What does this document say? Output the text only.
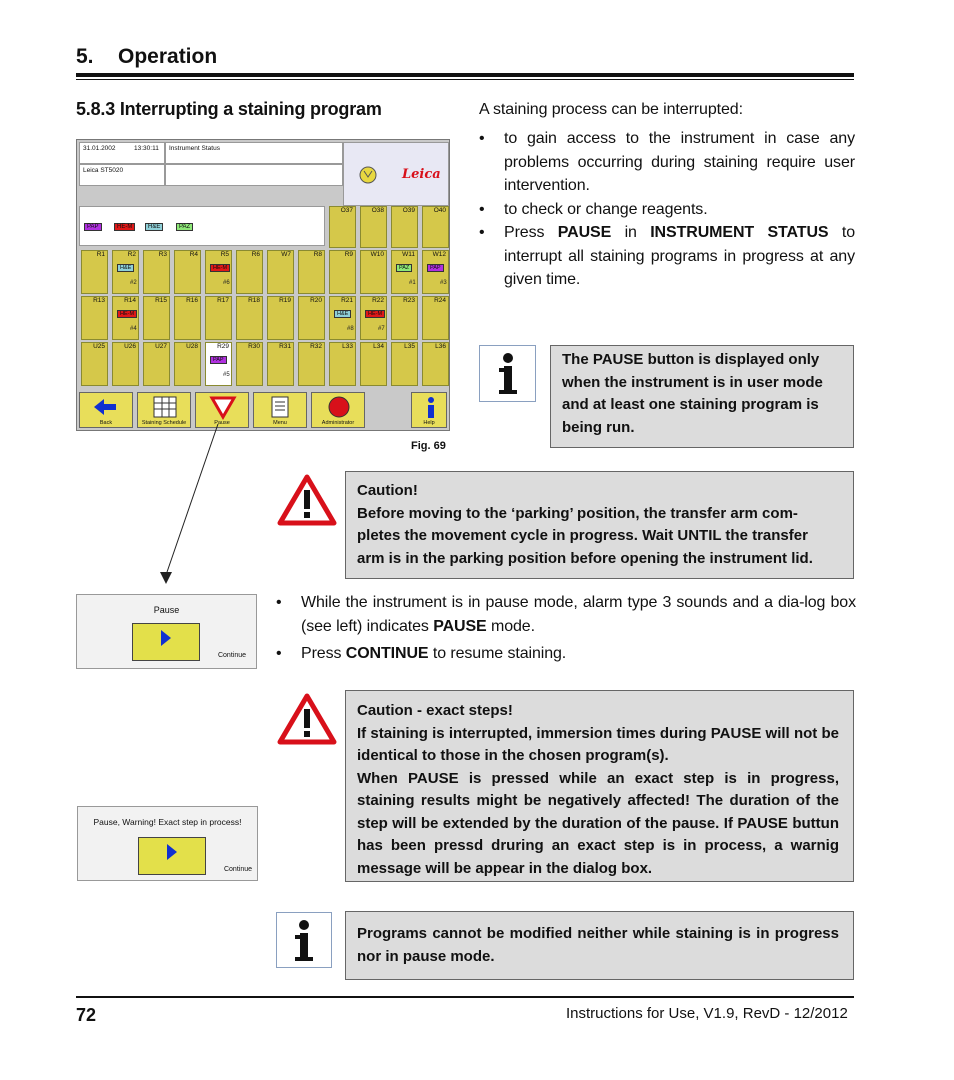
5. Operation
5.8.3 Interrupting a staining program	A staining process can be interrupted:
• to gain access to the instrument in case any problems occurring during staining require user intervention.
• to check or change reagents.
• Press PAUSE in INSTRUMENT STATUS to interrupt all staining programs in progress at any given time.
31.01.2002	13:30:11	Instrument Status
Leica ST5020	Leica
PAP	HE-M	H&E	PAZ
O37	O38	O39	O40
R1	R2	R3	R4	R5	R6	W7	R8	R9	W10	W11	W12
R13	R14	R15	R16	R17	R18	R19	R20	R21	R22	R23	R24
U25	U26	U27	U28	R29	R30	R31	R32	L33	L34	L35	L36
H&E
#2
HE-M
#6
PAZ
#1
PAP
#3
HE-M
#4
H&E
#8
HE-M
#7
PAP
#5
Back	Staining Schedule	Pause	Menu	Administrator	Help
Fig. 69
The PAUSE button is displayed only when the instrument is in user mode and at least one staining program is being run.
Caution!
Before moving to the ‘parking’ position, the transfer arm com-pletes the movement cycle in progress. Wait UNTIL the transfer arm is in the parking position before opening the instrument lid.
Pause
Continue
• While the instrument is in pause mode, alarm type 3 sounds and a dia-log box (see left) indicates PAUSE mode.
• Press CONTINUE to resume staining.
Caution - exact steps!
If staining is interrupted, immersion times during PAUSE will not be identical to those in the chosen program(s).
When PAUSE is pressed while an exact step is in progress, staining results might be negatively affected! The duration of the step will be extended by the duration of the pause. If PAUSE buttun has been pressd druring an exact step is in process, a warnig message will be appear in the dialog box.
Pause, Warning! Exact step in process!
Continue
Programs cannot be modified neither while staining is in progress nor in pause mode.
72	Instructions for Use, V1.9, RevD - 12/2012
